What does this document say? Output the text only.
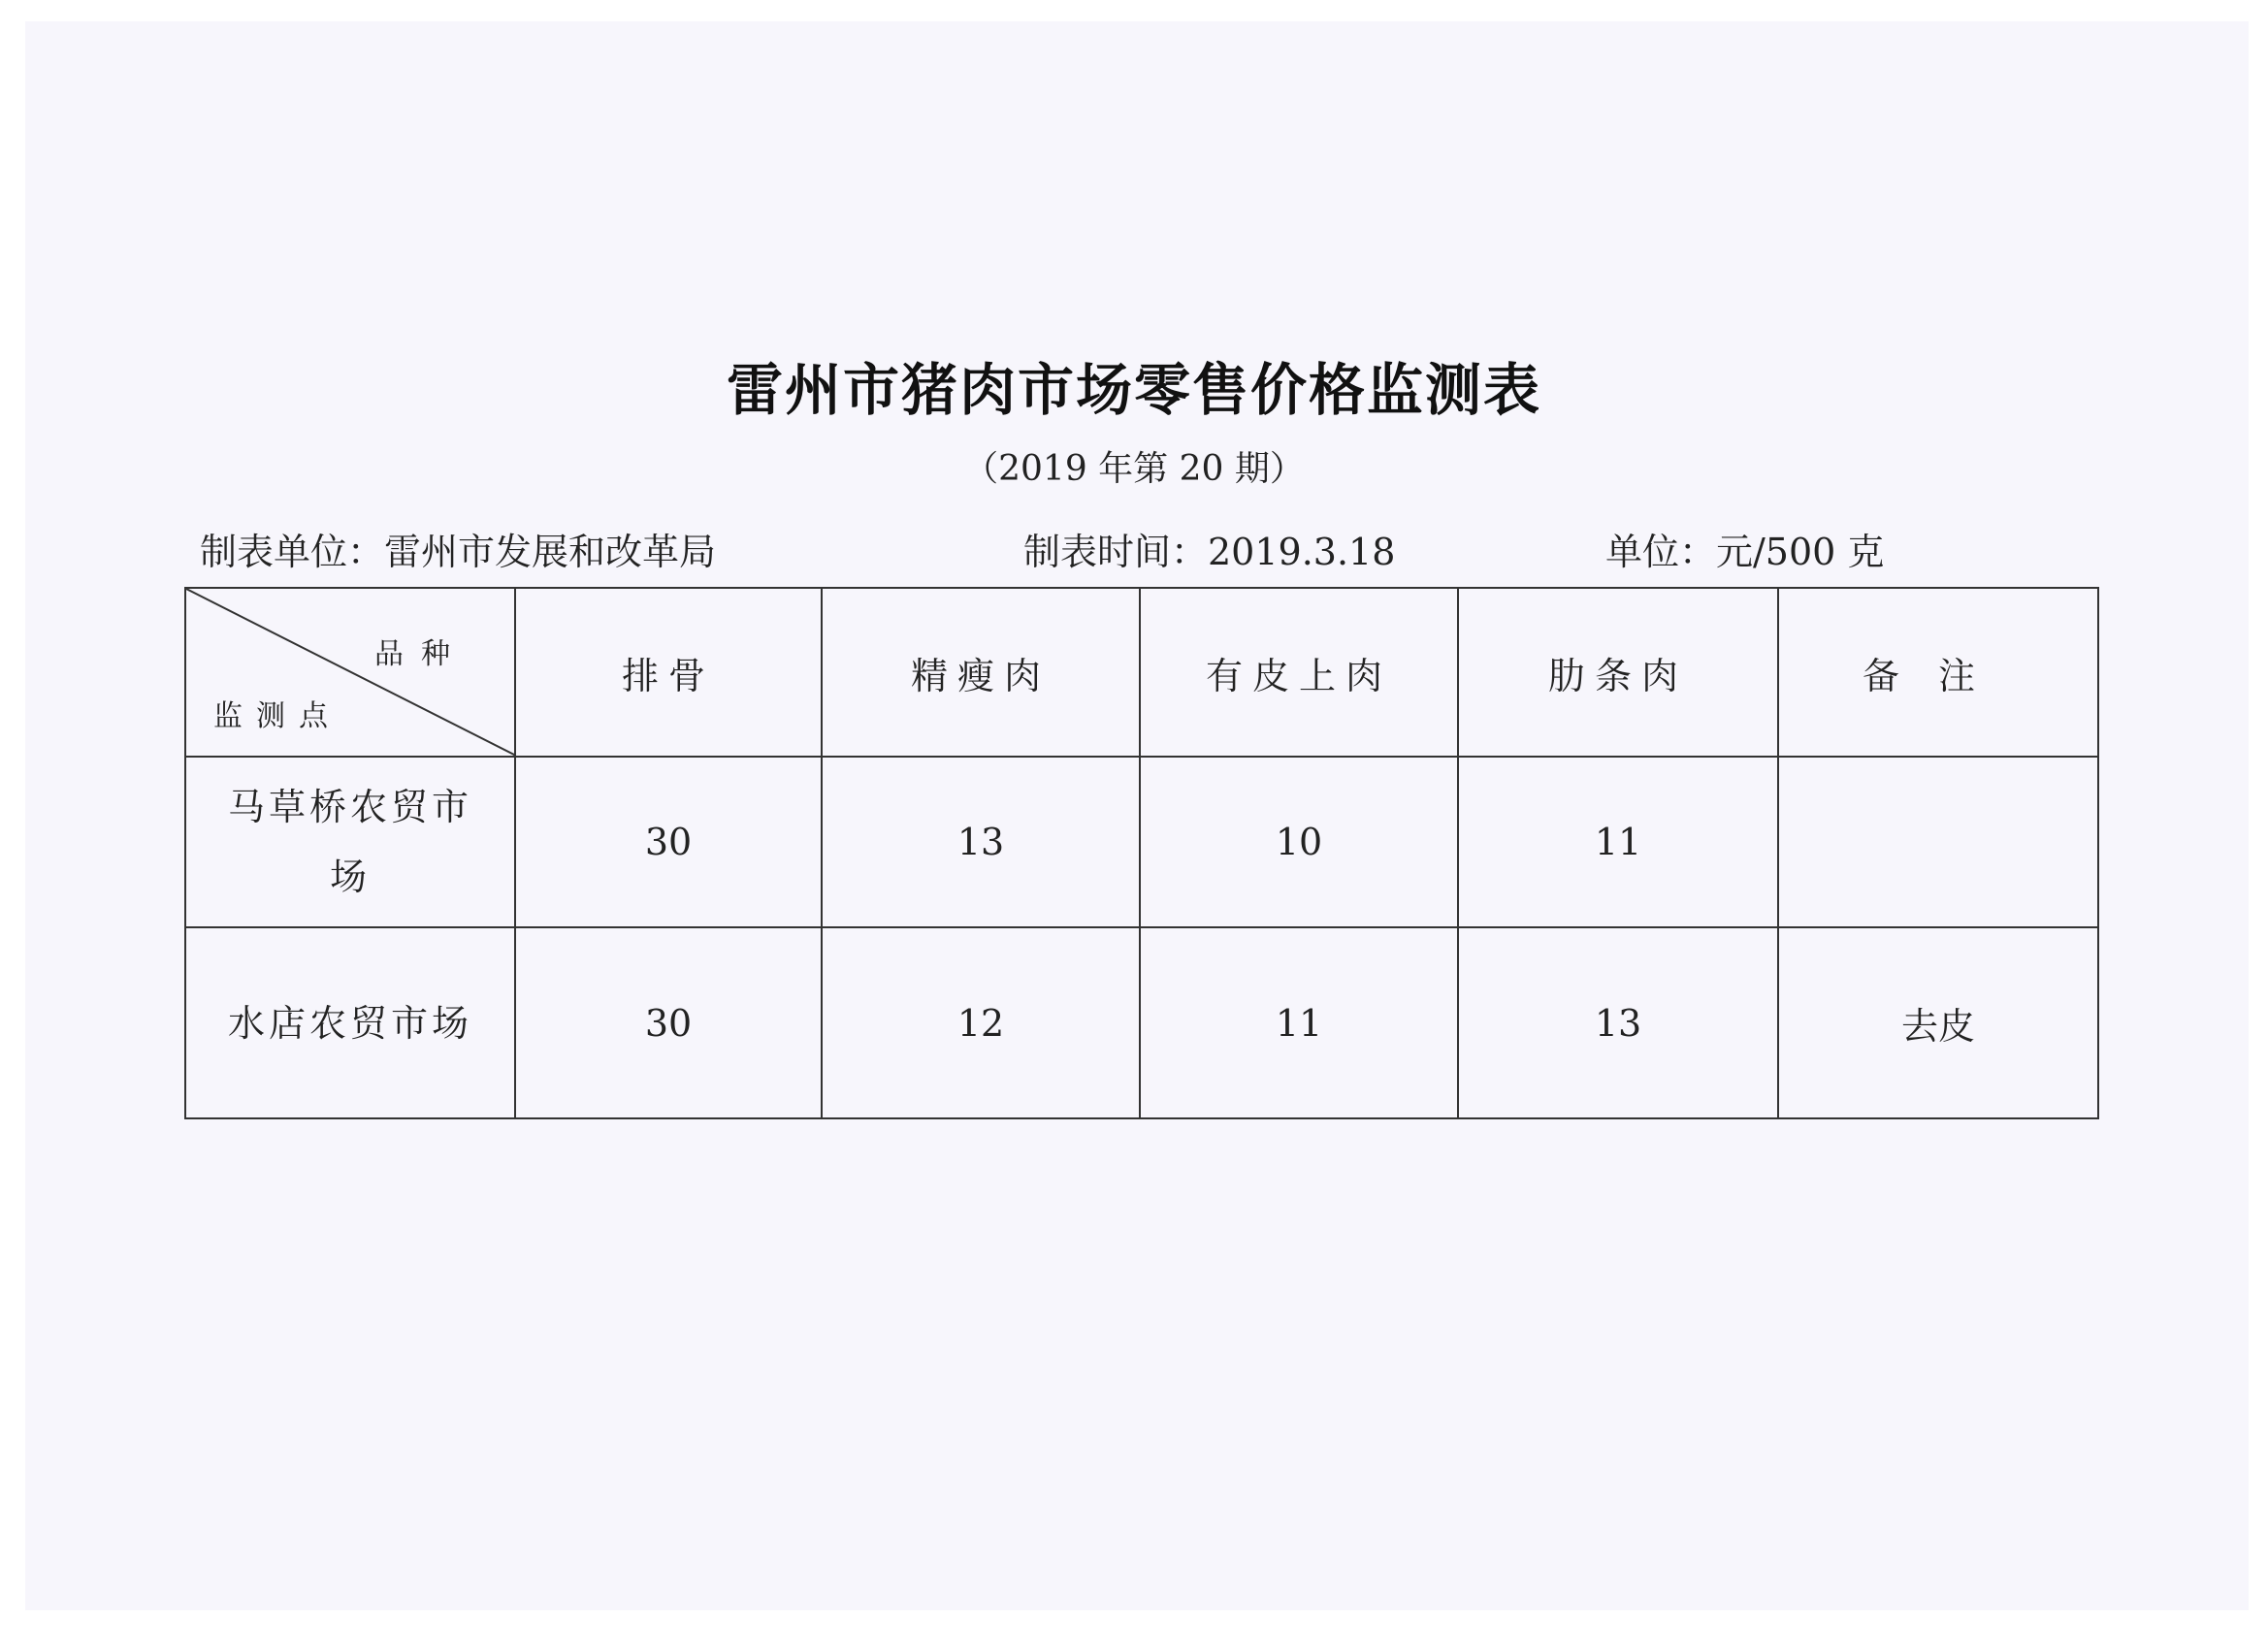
雷州市猪肉市场零售价格监测表
（2019 年第 20 期）
制表单位：雷州市发展和改革局	制表时间：2019.3.18	单位：元/500 克
品种
监测点	排骨	精瘦肉	有皮上肉	肋条肉	备注

马草桥农贸市场	30	13	10	11	
水店农贸市场	30	12	11	13	去皮
